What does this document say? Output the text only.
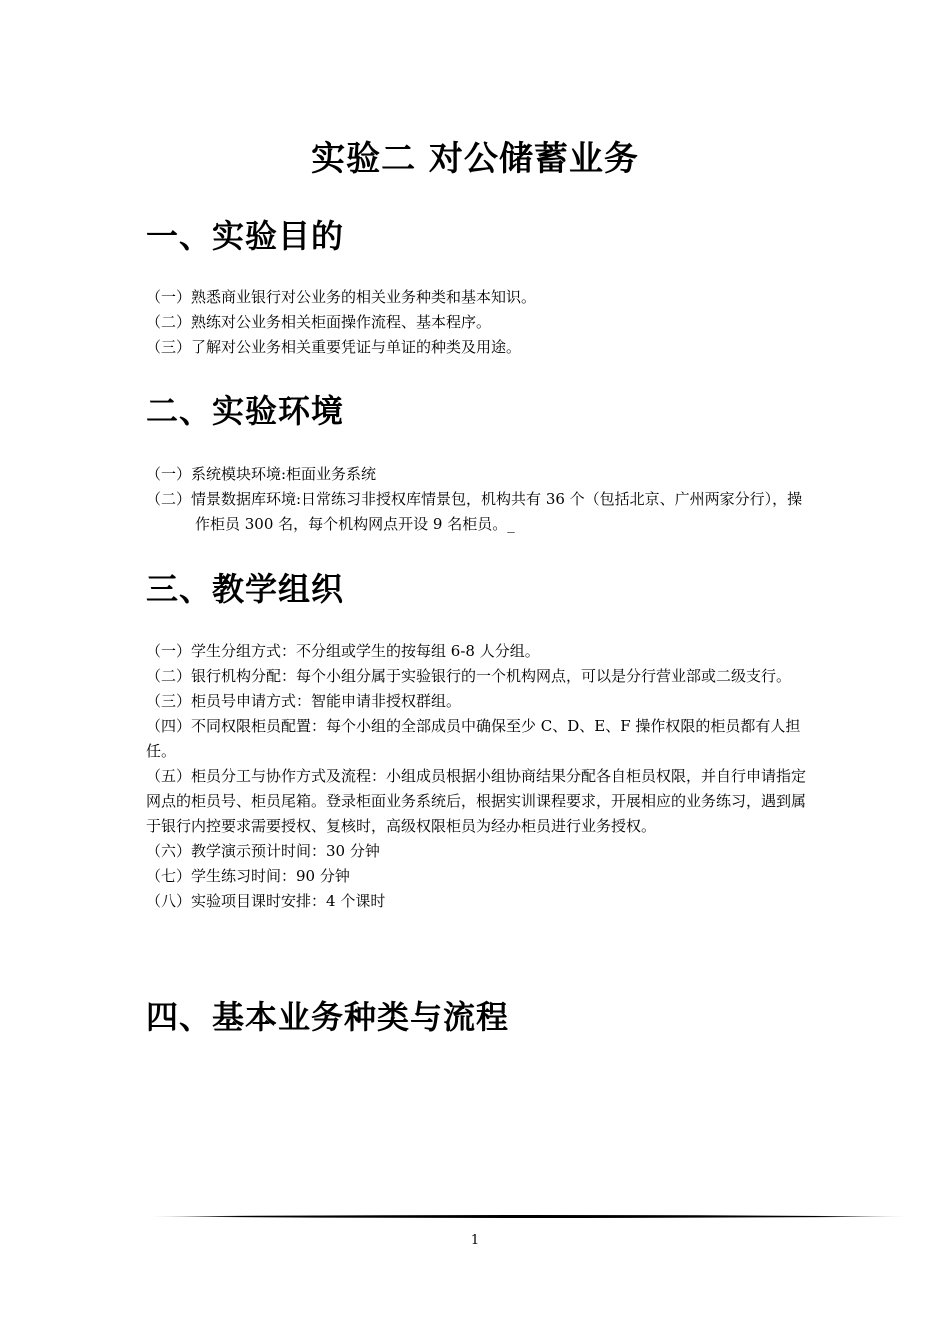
实验二 对公储蓄业务
一、实验目的
（一）熟悉商业银行对公业务的相关业务种类和基本知识。
（二）熟练对公业务相关柜面操作流程、基本程序。
（三）了解对公业务相关重要凭证与单证的种类及用途。
二、实验环境
（一）系统模块环境:柜面业务系统
（二）情景数据库环境:日常练习非授权库情景包，机构共有 36 个（包括北京、广州两家分行），操作柜员 300 名，每个机构网点开设 9 名柜员。_
三、教学组织
（一）学生分组方式：不分组或学生的按每组 6-8 人分组。
（二）银行机构分配：每个小组分属于实验银行的一个机构网点，可以是分行营业部或二级支行。
（三）柜员号申请方式：智能申请非授权群组。
（四）不同权限柜员配置：每个小组的全部成员中确保至少 C、D、E、F 操作权限的柜员都有人担任。
（五）柜员分工与协作方式及流程：小组成员根据小组协商结果分配各自柜员权限，并自行申请指定网点的柜员号、柜员尾箱。登录柜面业务系统后，根据实训课程要求，开展相应的业务练习，遇到属于银行内控要求需要授权、复核时，高级权限柜员为经办柜员进行业务授权。
（六）教学演示预计时间：30 分钟
（七）学生练习时间：90 分钟
（八）实验项目课时安排：4 个课时
四、基本业务种类与流程
1
